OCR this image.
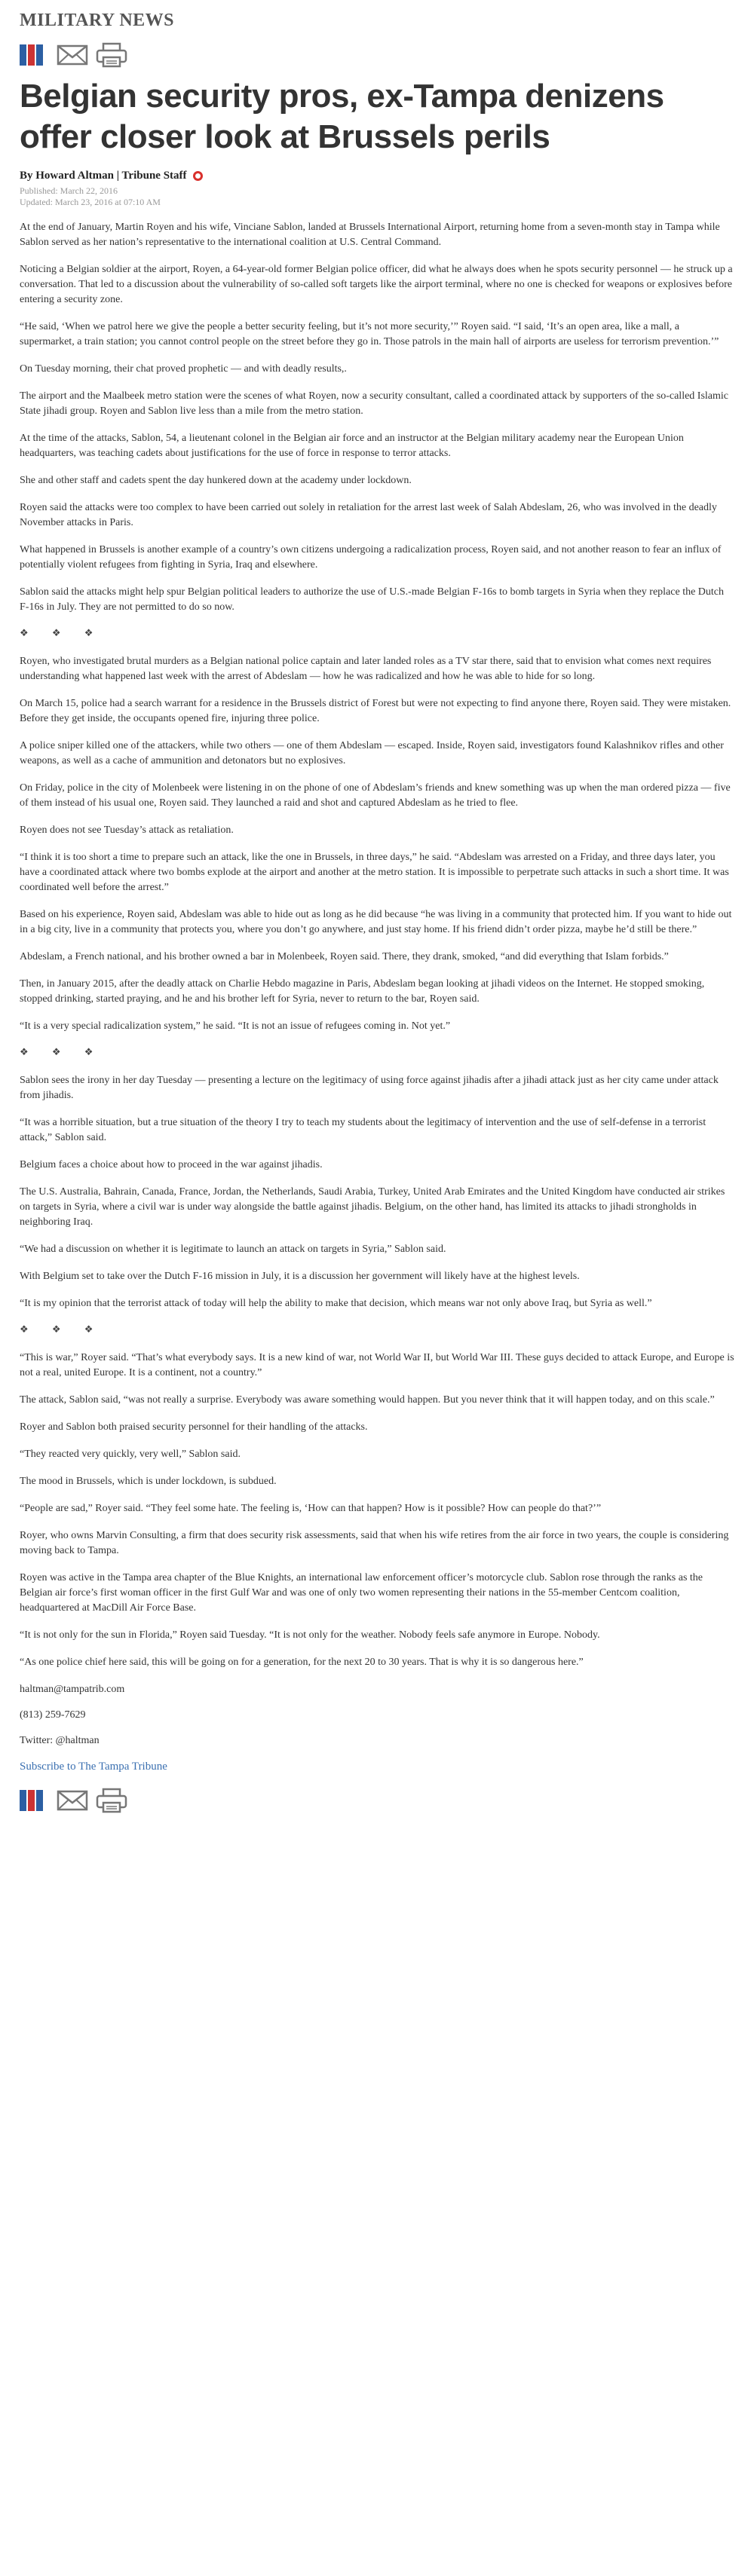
MILITARY NEWS
Belgian security pros, ex-Tampa denizens offer closer look at Brussels perils
By Howard Altman | Tribune Staff
Published: March 22, 2016
Updated: March 23, 2016 at 07:10 AM

At the end of January, Martin Royen and his wife, Vinciane Sablon, landed at Brussels International Airport, returning home from a seven-month stay in Tampa while Sablon served as her nation’s representative to the international coalition at U.S. Central Command.

Noticing a Belgian soldier at the airport, Royen, a 64-year-old former Belgian police officer, did what he always does when he spots security personnel — he struck up a conversation. That led to a discussion about the vulnerability of so-called soft targets like the airport terminal, where no one is checked for weapons or explosives before entering a security zone.

“He said, ‘When we patrol here we give the people a better security feeling, but it’s not more security,’” Royen said. “I said, ‘It’s an open area, like a mall, a supermarket, a train station; you cannot control people on the street before they go in. Those patrols in the main hall of airports are useless for terrorism prevention.’”

On Tuesday morning, their chat proved prophetic — and with deadly results,.

The airport and the Maalbeek metro station were the scenes of what Royen, now a security consultant, called a coordinated attack by supporters of the so-called Islamic State jihadi group. Royen and Sablon live less than a mile from the metro station.

At the time of the attacks, Sablon, 54, a lieutenant colonel in the Belgian air force and an instructor at the Belgian military academy near the European Union headquarters, was teaching cadets about justifications for the use of force in response to terror attacks.

She and other staff and cadets spent the day hunkered down at the academy under lockdown.

Royen said the attacks were too complex to have been carried out solely in retaliation for the arrest last week of Salah Abdeslam, 26, who was involved in the deadly November attacks in Paris.

What happened in Brussels is another example of a country’s own citizens undergoing a radicalization process, Royen said, and not another reason to fear an influx of potentially violent refugees from fighting in Syria, Iraq and elsewhere.

Sablon said the attacks might help spur Belgian political leaders to authorize the use of U.S.-made Belgian F-16s to bomb targets in Syria when they replace the Dutch F-16s in July. They are not permitted to do so now.

❖ ❖ ❖

Royen, who investigated brutal murders as a Belgian national police captain and later landed roles as a TV star there, said that to envision what comes next requires understanding what happened last week with the arrest of Abdeslam — how he was radicalized and how he was able to hide for so long.

On March 15, police had a search warrant for a residence in the Brussels district of Forest but were not expecting to find anyone there, Royen said. They were mistaken. Before they get inside, the occupants opened fire, injuring three police.

A police sniper killed one of the attackers, while two others — one of them Abdeslam — escaped. Inside, Royen said, investigators found Kalashnikov rifles and other weapons, as well as a cache of ammunition and detonators but no explosives.

On Friday, police in the city of Molenbeek were listening in on the phone of one of Abdeslam’s friends and knew something was up when the man ordered pizza — five of them instead of his usual one, Royen said. They launched a raid and shot and captured Abdeslam as he tried to flee.

Royen does not see Tuesday’s attack as retaliation.

“I think it is too short a time to prepare such an attack, like the one in Brussels, in three days,” he said. “Abdeslam was arrested on a Friday, and three days later, you have a coordinated attack where two bombs explode at the airport and another at the metro station. It is impossible to perpetrate such attacks in such a short time. It was coordinated well before the arrest.”

Based on his experience, Royen said, Abdeslam was able to hide out as long as he did because “he was living in a community that protected him. If you want to hide out in a big city, live in a community that protects you, where you don’t go anywhere, and just stay home. If his friend didn’t order pizza, maybe he’d still be there.”

Abdeslam, a French national, and his brother owned a bar in Molenbeek, Royen said. There, they drank, smoked, “and did everything that Islam forbids.”

Then, in January 2015, after the deadly attack on Charlie Hebdo magazine in Paris, Abdeslam began looking at jihadi videos on the Internet. He stopped smoking, stopped drinking, started praying, and he and his brother left for Syria, never to return to the bar, Royen said.

“It is a very special radicalization system,” he said. “It is not an issue of refugees coming in. Not yet.”

❖ ❖ ❖

Sablon sees the irony in her day Tuesday — presenting a lecture on the legitimacy of using force against jihadis after a jihadi attack just as her city came under attack from jihadis.

“It was a horrible situation, but a true situation of the theory I try to teach my students about the legitimacy of intervention and the use of self-defense in a terrorist attack,” Sablon said.

Belgium faces a choice about how to proceed in the war against jihadis.

The U.S. Australia, Bahrain, Canada, France, Jordan, the Netherlands, Saudi Arabia, Turkey, United Arab Emirates and the United Kingdom have conducted air strikes on targets in Syria, where a civil war is under way alongside the battle against jihadis. Belgium, on the other hand, has limited its attacks to jihadi strongholds in neighboring Iraq.

“We had a discussion on whether it is legitimate to launch an attack on targets in Syria,” Sablon said.

With Belgium set to take over the Dutch F-16 mission in July, it is a discussion her government will likely have at the highest levels.

“It is my opinion that the terrorist attack of today will help the ability to make that decision, which means war not only above Iraq, but Syria as well.”

❖ ❖ ❖

“This is war,” Royer said. “That’s what everybody says. It is a new kind of war, not World War II, but World War III. These guys decided to attack Europe, and Europe is not a real, united Europe. It is a continent, not a country.”

The attack, Sablon said, “was not really a surprise. Everybody was aware something would happen. But you never think that it will happen today, and on this scale.”

Royer and Sablon both praised security personnel for their handling of the attacks.

“They reacted very quickly, very well,” Sablon said.

The mood in Brussels, which is under lockdown, is subdued.

“People are sad,” Royer said. “They feel some hate. The feeling is, ‘How can that happen? How is it possible? How can people do that?’”

Royer, who owns Marvin Consulting, a firm that does security risk assessments, said that when his wife retires from the air force in two years, the couple is considering moving back to Tampa.

Royen was active in the Tampa area chapter of the Blue Knights, an international law enforcement officer’s motorcycle club. Sablon rose through the ranks as the Belgian air force’s first woman officer in the first Gulf War and was one of only two women representing their nations in the 55-member Centcom coalition, headquartered at MacDill Air Force Base.

“It is not only for the sun in Florida,” Royen said Tuesday. “It is not only for the weather. Nobody feels safe anymore in Europe. Nobody.

“As one police chief here said, this will be going on for a generation, for the next 20 to 30 years. That is why it is so dangerous here.”

haltman@tampatrib.com

(813) 259-7629

Twitter: @haltman

Subscribe to The Tampa Tribune
